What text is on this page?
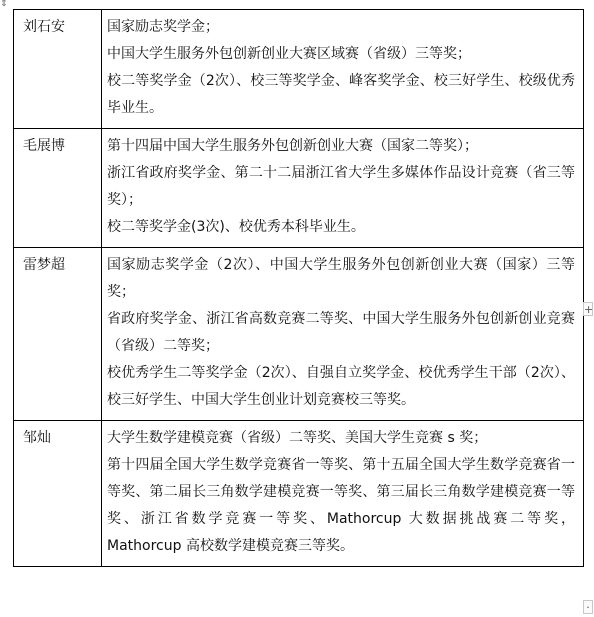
⇕
刘石安	国家励志奖学金；
中国大学生服务外包创新创业大赛区域赛（省级）三等奖；
校二等奖学金（2次）、校三等奖学金、峰客奖学金、校三好学生、校级优秀毕业生。

毛展博	第十四届中国大学生服务外包创新创业大赛（国家二等奖）；
浙江省政府奖学金、第二十二届浙江省大学生多媒体作品设计竞赛（省三等奖）；
校二等奖学金(3次)、校优秀本科毕业生。

雷梦超	国家励志奖学金（2次）、中国大学生服务外包创新创业大赛（国家）三等奖；
省政府奖学金、浙江省高数竞赛二等奖、中国大学生服务外包创新创业竞赛（省级）二等奖；
校优秀学生二等奖学金（2次）、自强自立奖学金、校优秀学生干部（2次）、校三好学生、中国大学生创业计划竞赛校三等奖。

邹灿	大学生数学建模竞赛（省级）二等奖、美国大学生竞赛 s 奖；
第十四届全国大学生数学竞赛省一等奖、第十五届全国大学生数学竞赛省一等奖、第二届长三角数学建模竞赛一等奖、第三届长三角数学建模竞赛一等奖、浙江省数学竞赛一等奖、Mathorcup 大数据挑战赛二等奖，Mathorcup 高校数学建模竞赛三等奖。
+
·
